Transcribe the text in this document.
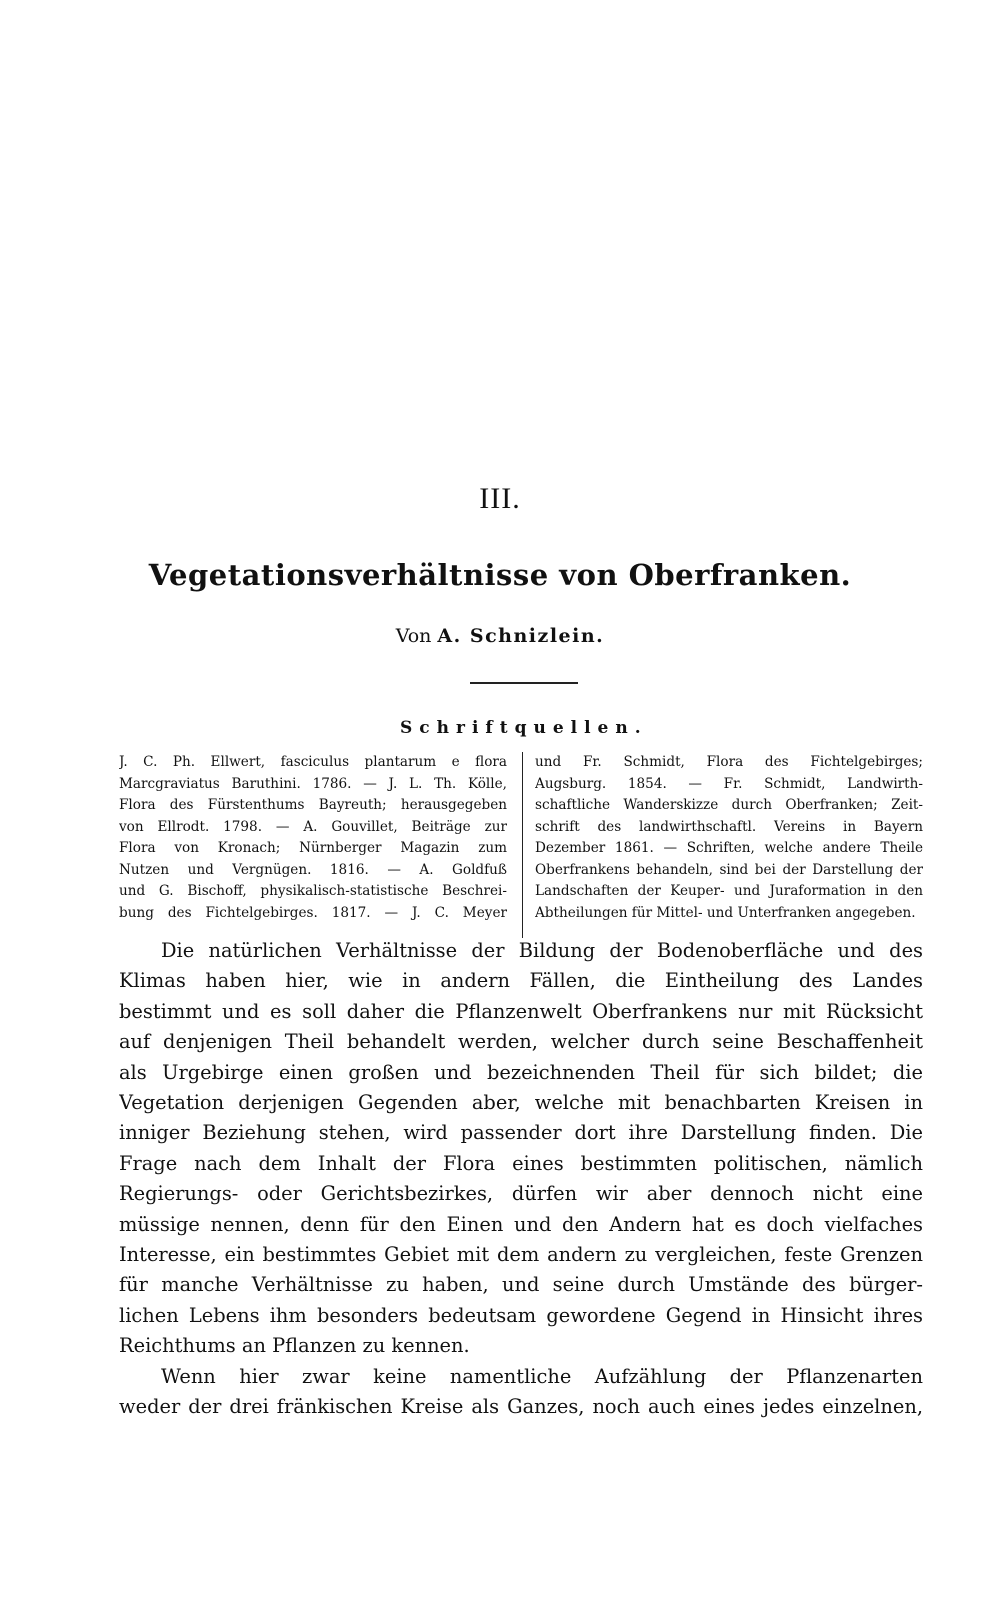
III.
Vegetationsverhältnisse von Oberfranken.
Von A. Schnizlein.
Schriftquellen.
J. C. Ph. Ellwert, fasciculus plantarum e flora
Marcgraviatus Baruthini. 1786. — J. L. Th. Kölle,
Flora des Fürstenthums Bayreuth; herausgegeben
von Ellrodt. 1798. — A. Gouvillet, Beiträge zur
Flora von Kronach; Nürnberger Magazin zum
Nutzen und Vergnügen. 1816. — A. Goldfuß
und G. Bischoff, physikalisch-statistische Beschrei-
bung des Fichtelgebirges. 1817. — J. C. Meyer
und Fr. Schmidt, Flora des Fichtelgebirges;
Augsburg. 1854. — Fr. Schmidt, Landwirth-
schaftliche Wanderskizze durch Oberfranken; Zeit-
schrift des landwirthschaftl. Vereins in Bayern
Dezember 1861. — Schriften, welche andere Theile
Oberfrankens behandeln, sind bei der Darstellung der
Landschaften der Keuper- und Juraformation in den
Abtheilungen für Mittel- und Unterfranken angegeben.
Die natürlichen Verhältnisse der Bildung der Bodenoberfläche und des
Klimas haben hier, wie in andern Fällen, die Eintheilung des Landes
bestimmt und es soll daher die Pflanzenwelt Oberfrankens nur mit Rücksicht
auf denjenigen Theil behandelt werden, welcher durch seine Beschaffenheit
als Urgebirge einen großen und bezeichnenden Theil für sich bildet; die
Vegetation derjenigen Gegenden aber, welche mit benachbarten Kreisen in
inniger Beziehung stehen, wird passender dort ihre Darstellung finden. Die
Frage nach dem Inhalt der Flora eines bestimmten politischen, nämlich
Regierungs- oder Gerichtsbezirkes, dürfen wir aber dennoch nicht eine
müssige nennen, denn für den Einen und den Andern hat es doch vielfaches
Interesse, ein bestimmtes Gebiet mit dem andern zu vergleichen, feste Grenzen
für manche Verhältnisse zu haben, und seine durch Umstände des bürger-
lichen Lebens ihm besonders bedeutsam gewordene Gegend in Hinsicht ihres
Reichthums an Pflanzen zu kennen.
Wenn hier zwar keine namentliche Aufzählung der Pflanzenarten
weder der drei fränkischen Kreise als Ganzes, noch auch eines jedes einzelnen,
